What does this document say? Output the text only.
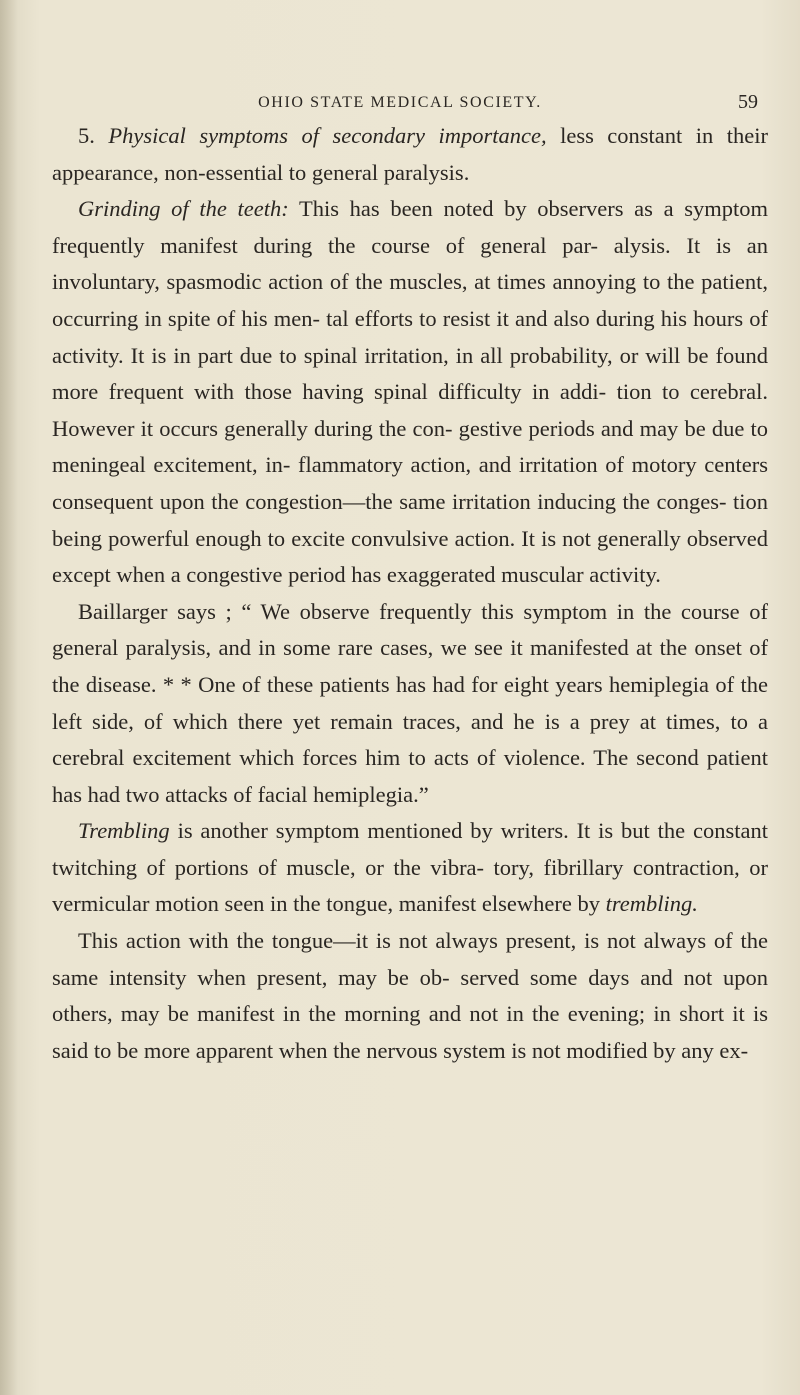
OHIO STATE MEDICAL SOCIETY.	59

5. Physical symptoms of secondary importance, less constant in their appearance, non-essential to general paralysis.

Grinding of the teeth: This has been noted by observers as a symptom frequently manifest during the course of general par- alysis. It is an involuntary, spasmodic action of the muscles, at times annoying to the patient, occurring in spite of his men- tal efforts to resist it and also during his hours of activity. It is in part due to spinal irritation, in all probability, or will be found more frequent with those having spinal difficulty in addi- tion to cerebral. However it occurs generally during the con- gestive periods and may be due to meningeal excitement, in- flammatory action, and irritation of motory centers consequent upon the congestion—the same irritation inducing the conges- tion being powerful enough to excite convulsive action. It is not generally observed except when a congestive period has exaggerated muscular activity.

Baillarger says ; “ We observe frequently this symptom in the course of general paralysis, and in some rare cases, we see it manifested at the onset of the disease. * * One of these patients has had for eight years hemiplegia of the left side, of which there yet remain traces, and he is a prey at times, to a cerebral excitement which forces him to acts of violence. The second patient has had two attacks of facial hemiplegia.”

Trembling is another symptom mentioned by writers. It is but the constant twitching of portions of muscle, or the vibra- tory, fibrillary contraction, or vermicular motion seen in the tongue, manifest elsewhere by trembling.

This action with the tongue—it is not always present, is not always of the same intensity when present, may be ob- served some days and not upon others, may be manifest in the morning and not in the evening; in short it is said to be more apparent when the nervous system is not modified by any ex-
